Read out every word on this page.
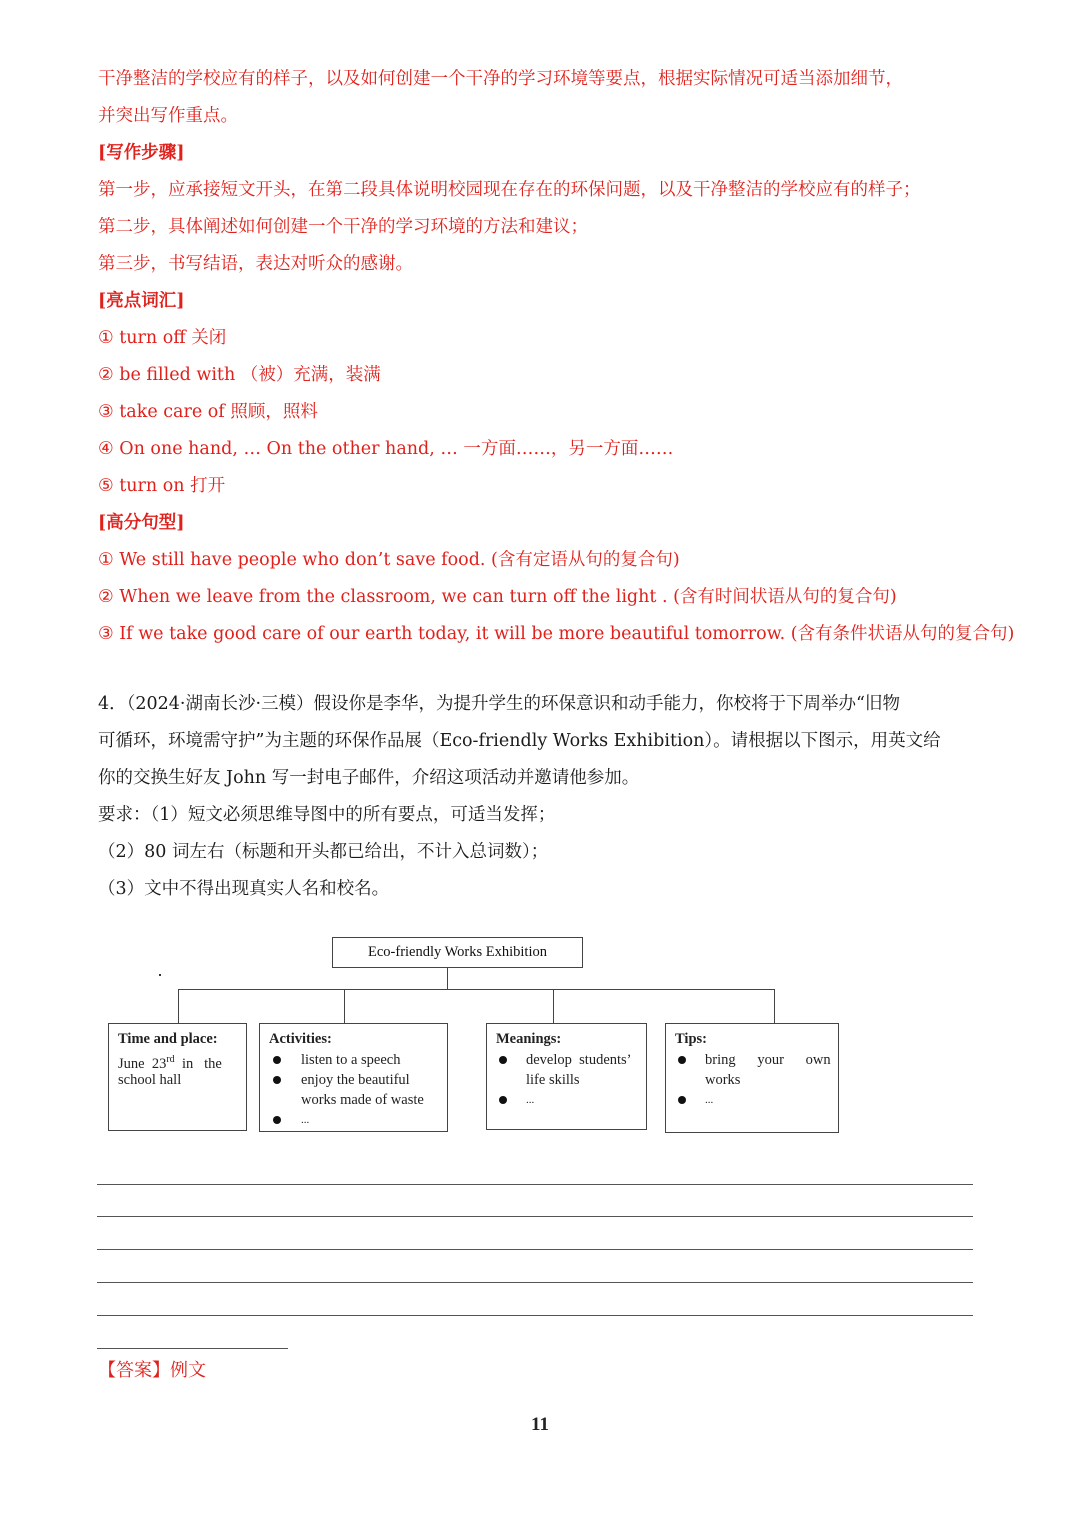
干净整洁的学校应有的样子，以及如何创建一个干净的学习环境等要点，根据实际情况可适当添加细节，
并突出写作重点。
[写作步骤]
第一步，应承接短文开头，在第二段具体说明校园现在存在的环保问题，以及干净整洁的学校应有的样子；
第二步，具体阐述如何创建一个干净的学习环境的方法和建议；
第三步，书写结语，表达对听众的感谢。
[亮点词汇]
① turn off 关闭
② be filled with （被）充满，装满
③ take care of 照顾，照料
④ On one hand, … On the other hand, … 一方面……，另一方面……
⑤ turn on 打开
[高分句型]
① We still have people who don’t save food. (含有定语从句的复合句)
② When we leave from the classroom, we can turn off the light . (含有时间状语从句的复合句)
③ If we take good care of our earth today, it will be more beautiful tomorrow. (含有条件状语从句的复合句)
4．（2024·湖南长沙·三模）假设你是李华，为提升学生的环保意识和动手能力，你校将于下周举办“旧物
可循环，环境需守护”为主题的环保作品展（Eco-friendly Works Exhibition）。请根据以下图示，用英文给
你的交换生好友 John 写一封电子邮件，介绍这项活动并邀请他参加。
要求：（1）短文必须思维导图中的所有要点，可适当发挥；
（2）80 词左右（标题和开头都已给出，不计入总词数）；
（3）文中不得出现真实人名和校名。
Eco-friendly Works Exhibition
Time and place:
June  23rd  in   the
school hall
Activities:
listen to a speech
enjoy the beautiful
works made of waste
...
Meanings:
develop  students’
life skills
...
Tips:
bring      your      own
works
...
【答案】例文
11
